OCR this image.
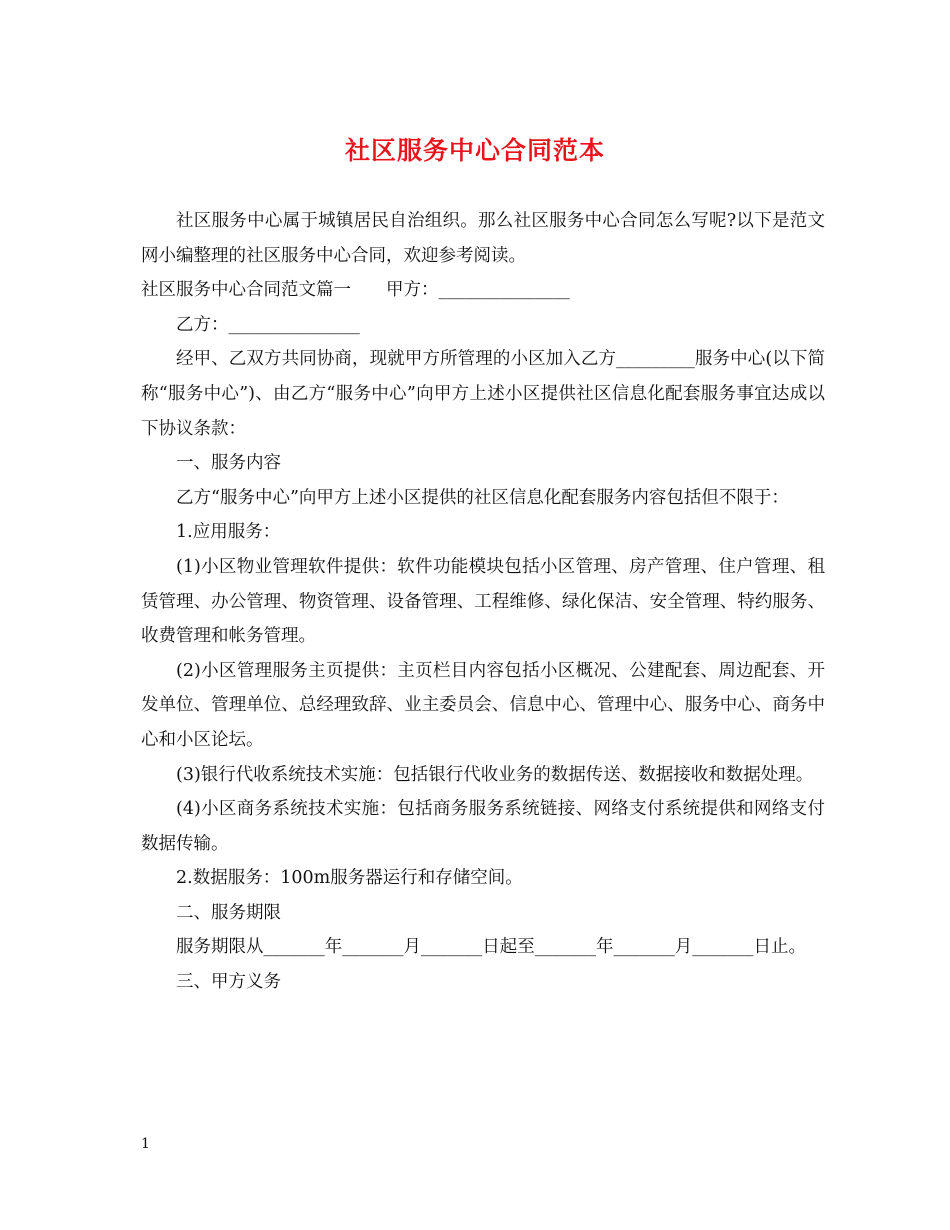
社区服务中心合同范本

社区服务中心属于城镇居民自治组织。那么社区服务中心合同怎么写呢?以下是范文网小编整理的社区服务中心合同，欢迎参考阅读。

社区服务中心合同范文篇一　　甲方：_______________

乙方：_______________

经甲、乙双方共同协商，现就甲方所管理的小区加入乙方_________服务中心(以下简称“服务中心”)、由乙方“服务中心”向甲方上述小区提供社区信息化配套服务事宜达成以下协议条款：

一、服务内容

乙方“服务中心”向甲方上述小区提供的社区信息化配套服务内容包括但不限于：

1.应用服务：

(1)小区物业管理软件提供：软件功能模块包括小区管理、房产管理、住户管理、租赁管理、办公管理、物资管理、设备管理、工程维修、绿化保洁、安全管理、特约服务、收费管理和帐务管理。

(2)小区管理服务主页提供：主页栏目内容包括小区概况、公建配套、周边配套、开发单位、管理单位、总经理致辞、业主委员会、信息中心、管理中心、服务中心、商务中心和小区论坛。

(3)银行代收系统技术实施：包括银行代收业务的数据传送、数据接收和数据处理。

(4)小区商务系统技术实施：包括商务服务系统链接、网络支付系统提供和网络支付数据传输。

2.数据服务：100m服务器运行和存储空间。

二、服务期限

服务期限从_______年_______月_______日起至_______年_______月_______日止。

三、甲方义务

1
